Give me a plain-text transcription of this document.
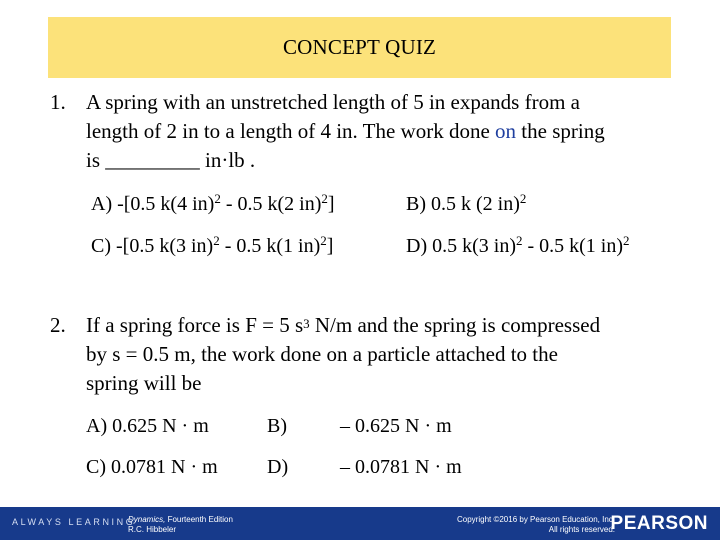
CONCEPT QUIZ
1. A spring with an unstretched length of 5 in expands from a
length of 2 in to a length of 4 in. The work done on the spring
is _________ in·lb .
A) -[0.5 k(4 in)$^2$ - 0.5 k(2 in)$^2$]	B) 0.5 k (2 in)$^2$
C) -[0.5 k(3 in)$^2$ - 0.5 k(1 in)$^2$]	D) 0.5 k(3 in)$^2$ - 0.5 k(1 in)$^2$
2. If a spring force is F = 5 $s^3$ N/m and the spring is compressed
by s = 0.5 m, the work done on a particle attached to the
spring will be
A) 0.625 N · m	B)	– 0.625 N · m
C) 0.0781 N · m D)	– 0.0781 N · m
ALWAYS LEARNING
Dynamics, Fourteenth Edition
R.C. Hibbeler
Copyright ©2016 by Pearson Education, Inc.
All rights reserved.
PEARSON
